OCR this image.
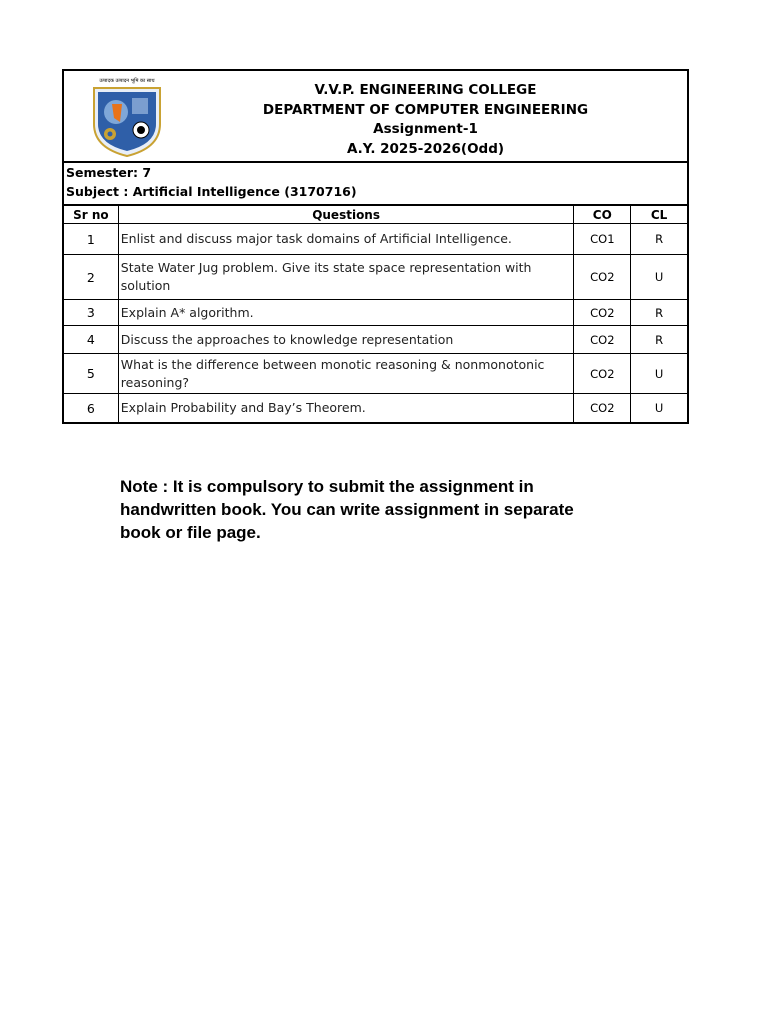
उत्पादक उत्पादन भूमि का साथ
V.V.P. ENGINEERING COLLEGE
DEPARTMENT OF COMPUTER ENGINEERING
Assignment-1
A.Y. 2025-2026(Odd)
Semester: 7
Subject : Artificial Intelligence (3170716)
Sr no	Questions	CO	CL
1	Enlist and discuss major task domains of Artificial Intelligence.	CO1	R
2	State Water Jug problem. Give its state space representation with solution	CO2	U
3	Explain A* algorithm.	CO2	R
4	Discuss the approaches to knowledge representation	CO2	R
5	What is the difference between monotic reasoning & nonmonotonic reasoning?	CO2	U
6	Explain Probability and Bay’s Theorem.	CO2	U
Note : It is compulsory to submit the assignment in handwritten book. You can write assignment in separate book or file page.
